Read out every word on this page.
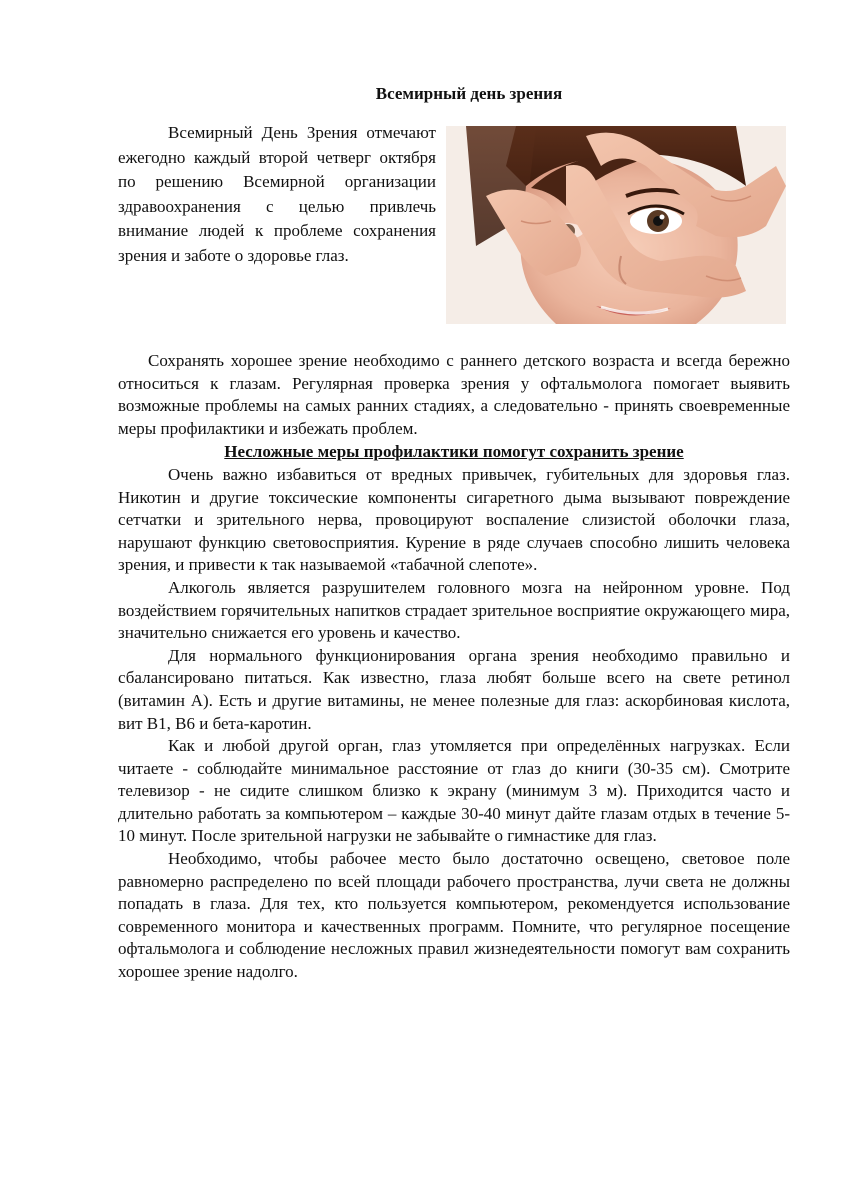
Всемирный день зрения

Всемирный День Зрения отмечают ежегодно каждый второй четверг октября по решению Всемирной организации здравоохранения с целью привлечь внимание людей к проблеме сохранения зрения и заботе о здоровье глаз.

Сохранять хорошее зрение необходимо с раннего детского возраста и всегда бережно относиться к глазам. Регулярная проверка зрения у офтальмолога помогает выявить возможные проблемы на самых ранних стадиях, а следовательно - принять своевременные меры профилактики и избежать проблем.

Несложные меры профилактики помогут сохранить зрение

Очень важно избавиться от вредных привычек, губительных для здоровья глаз. Никотин и другие токсические компоненты сигаретного дыма вызывают повреждение сетчатки и зрительного нерва, провоцируют воспаление слизистой оболочки глаза, нарушают функцию световосприятия. Курение в ряде случаев способно лишить человека зрения, и привести к так называемой «табачной слепоте».

Алкоголь является разрушителем головного мозга на нейронном уровне. Под воздействием горячительных напитков страдает зрительное восприятие окружающего мира, значительно снижается его уровень и качество.

Для нормального функционирования органа зрения необходимо правильно и сбалансировано питаться. Как известно, глаза любят больше всего на свете ретинол (витамин А). Есть и другие витамины, не менее полезные для глаз: аскорбиновая кислота, вит В1, В6 и бета-каротин.

Как и любой другой орган, глаз утомляется при определённых нагрузках. Если читаете - соблюдайте минимальное расстояние от глаз до книги (30-35 см). Смотрите телевизор - не сидите слишком близко к экрану (минимум 3 м). Приходится часто и длительно работать за компьютером – каждые 30-40 минут дайте глазам отдых в течение 5-10 минут. После зрительной нагрузки не забывайте о гимнастике для глаз.

Необходимо, чтобы рабочее место было достаточно освещено, световое поле равномерно распределено по всей площади рабочего пространства, лучи света не должны попадать в глаза. Для тех, кто пользуется компьютером, рекомендуется использование современного монитора и качественных программ. Помните, что регулярное посещение офтальмолога и соблюдение несложных правил жизнедеятельности помогут вам сохранить хорошее зрение надолго.
